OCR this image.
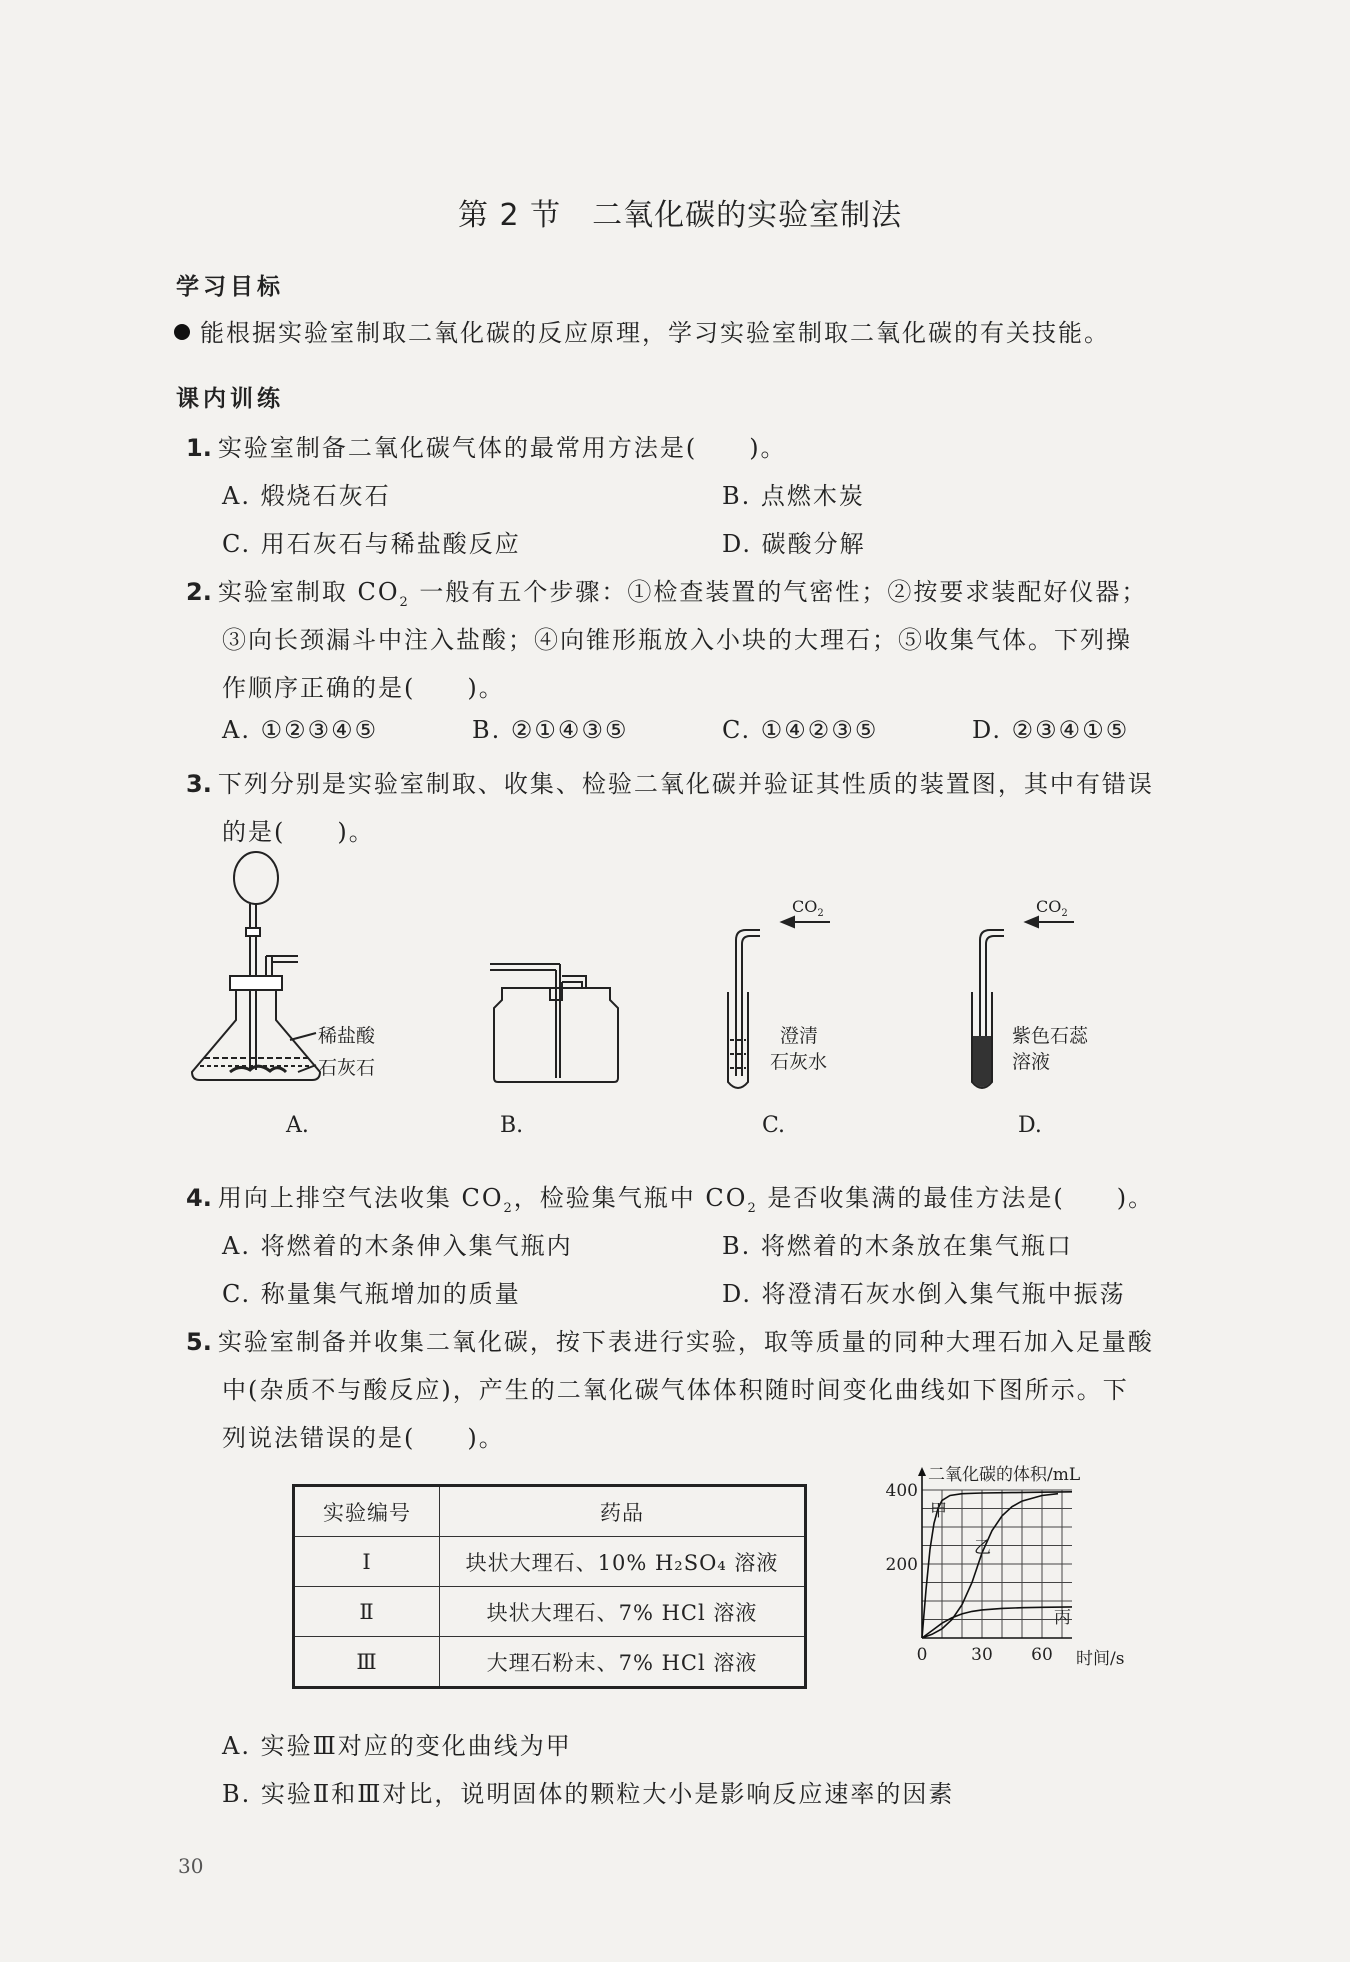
第 2 节　二氧化碳的实验室制法
学习目标
能根据实验室制取二氧化碳的反应原理，学习实验室制取二氧化碳的有关技能。
课内训练
1. 实验室制备二氧化碳气体的最常用方法是(　　)。
A. 煅烧石灰石	B. 点燃木炭
C. 用石灰石与稀盐酸反应	D. 碳酸分解
2. 实验室制取 $CO_2$ 一般有五个步骤：①检查装置的气密性；②按要求装配好仪器；
③向长颈漏斗中注入盐酸；④向锥形瓶放入小块的大理石；⑤收集气体。下列操
作顺序正确的是(　　)。
A. ①②③④⑤	B. ②①④③⑤	C. ①④②③⑤	D. ②③④①⑤
3. 下列分别是实验室制取、收集、检验二氧化碳并验证其性质的装置图，其中有错误
的是(　　)。
稀盐酸
石灰石
$CO_2$
澄清
石灰水
$CO_2$
紫色石蕊
溶液
A.	B.	C.	D.
4. 用向上排空气法收集 $CO_2$，检验集气瓶中 $CO_2$ 是否收集满的最佳方法是(　　)。
A. 将燃着的木条伸入集气瓶内	B. 将燃着的木条放在集气瓶口
C. 称量集气瓶增加的质量	D. 将澄清石灰水倒入集气瓶中振荡
5. 实验室制备并收集二氧化碳，按下表进行实验，取等质量的同种大理石加入足量酸
中(杂质不与酸反应)，产生的二氧化碳气体体积随时间变化曲线如下图所示。下
列说法错误的是(　　)。
实验编号	药品
Ⅰ	块状大理石、10% H₂SO₄ 溶液
Ⅱ	块状大理石、7% HCl 溶液
Ⅲ	大理石粉末、7% HCl 溶液
二氧化碳的体积/mL
时间/s
0	30 60
200
400
甲
乙
丙
A. 实验Ⅲ对应的变化曲线为甲
B. 实验Ⅱ和Ⅲ对比，说明固体的颗粒大小是影响反应速率的因素
30
